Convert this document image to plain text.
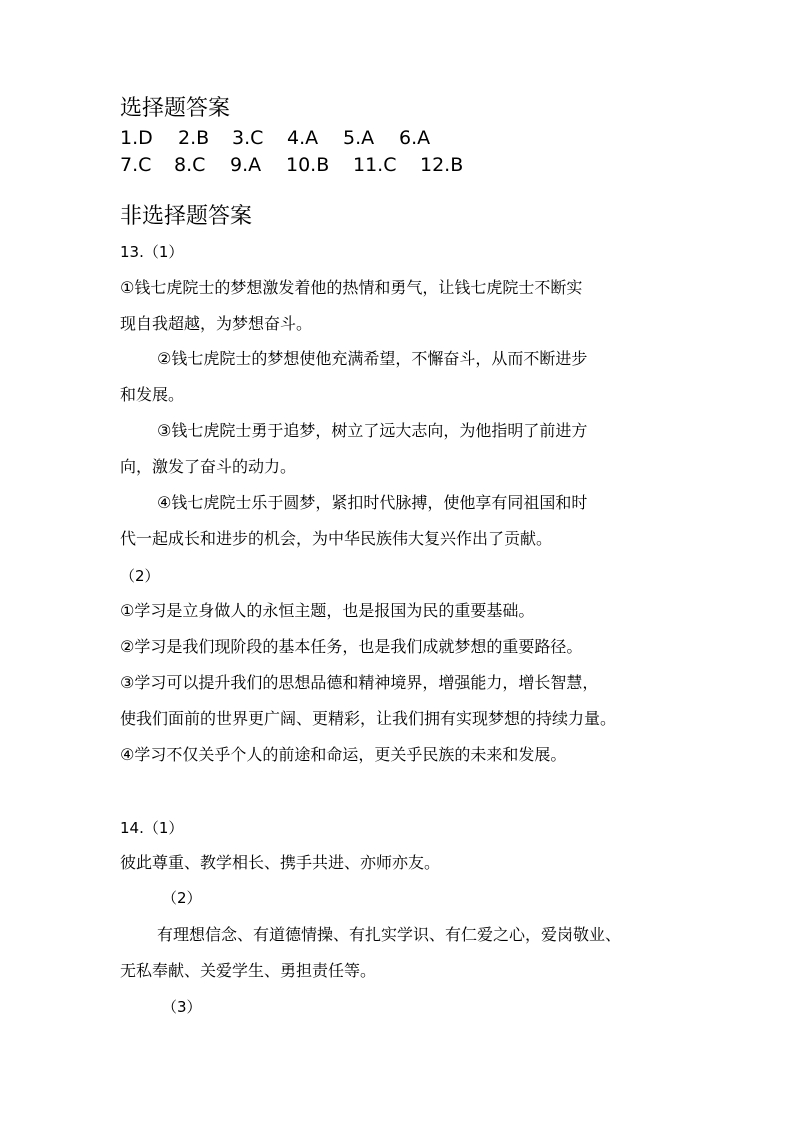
选择题答案
1.D 2.B 3.C 4.A 5.A 6.A
7.C 8.C 9.A 10.B 11.C 12.B
非选择题答案
13.（1）
①钱七虎院士的梦想激发着他的热情和勇气，让钱七虎院士不断实
现自我超越，为梦想奋斗。
②钱七虎院士的梦想使他充满希望，不懈奋斗，从而不断进步
和发展。
③钱七虎院士勇于追梦，树立了远大志向，为他指明了前进方
向，激发了奋斗的动力。
④钱七虎院士乐于圆梦，紧扣时代脉搏，使他享有同祖国和时
代一起成长和进步的机会，为中华民族伟大复兴作出了贡献。
（2）
①学习是立身做人的永恒主题，也是报国为民的重要基础。
②学习是我们现阶段的基本任务，也是我们成就梦想的重要路径。
③学习可以提升我们的思想品德和精神境界，增强能力，增长智慧，
使我们面前的世界更广阔、更精彩，让我们拥有实现梦想的持续力量。
④学习不仅关乎个人的前途和命运，更关乎民族的未来和发展。
14.（1）
彼此尊重、教学相长、携手共进、亦师亦友。
（2）
有理想信念、有道德情操、有扎实学识、有仁爱之心，爱岗敬业、
无私奉献、关爱学生、勇担责任等。
（3）
